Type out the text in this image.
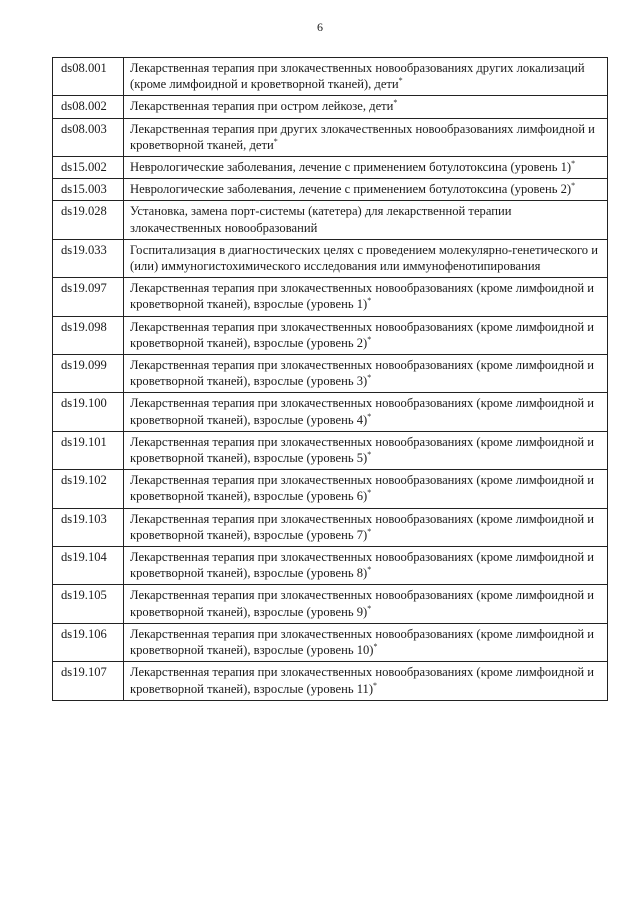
6
ds08.001	Лекарственная терапия при злокачественных новообразованиях других локализаций (кроме лимфоидной и кроветворной тканей), дети*
ds08.002	Лекарственная терапия при остром лейкозе, дети*
ds08.003	Лекарственная терапия при других злокачественных новообразованиях лимфоидной и кроветворной тканей, дети*
ds15.002	Неврологические заболевания, лечение с применением ботулотоксина (уровень 1)*
ds15.003	Неврологические заболевания, лечение с применением ботулотоксина (уровень 2)*
ds19.028	Установка, замена порт-системы (катетера) для лекарственной терапии злокачественных новообразований
ds19.033	Госпитализация в диагностических целях с проведением молекулярно-генетического и (или) иммуногистохимического исследования или иммунофенотипирования
ds19.097	Лекарственная терапия при злокачественных новообразованиях (кроме лимфоидной и кроветворной тканей), взрослые (уровень 1)*
ds19.098	Лекарственная терапия при злокачественных новообразованиях (кроме лимфоидной и кроветворной тканей), взрослые (уровень 2)*
ds19.099	Лекарственная терапия при злокачественных новообразованиях (кроме лимфоидной и кроветворной тканей), взрослые (уровень 3)*
ds19.100	Лекарственная терапия при злокачественных новообразованиях (кроме лимфоидной и кроветворной тканей), взрослые (уровень 4)*
ds19.101	Лекарственная терапия при злокачественных новообразованиях (кроме лимфоидной и кроветворной тканей), взрослые (уровень 5)*
ds19.102	Лекарственная терапия при злокачественных новообразованиях (кроме лимфоидной и кроветворной тканей), взрослые (уровень 6)*
ds19.103	Лекарственная терапия при злокачественных новообразованиях (кроме лимфоидной и кроветворной тканей), взрослые (уровень 7)*
ds19.104	Лекарственная терапия при злокачественных новообразованиях (кроме лимфоидной и кроветворной тканей), взрослые (уровень 8)*
ds19.105	Лекарственная терапия при злокачественных новообразованиях (кроме лимфоидной и кроветворной тканей), взрослые (уровень 9)*
ds19.106	Лекарственная терапия при злокачественных новообразованиях (кроме лимфоидной и кроветворной тканей), взрослые (уровень 10)*
ds19.107	Лекарственная терапия при злокачественных новообразованиях (кроме лимфоидной и кроветворной тканей), взрослые (уровень 11)*
